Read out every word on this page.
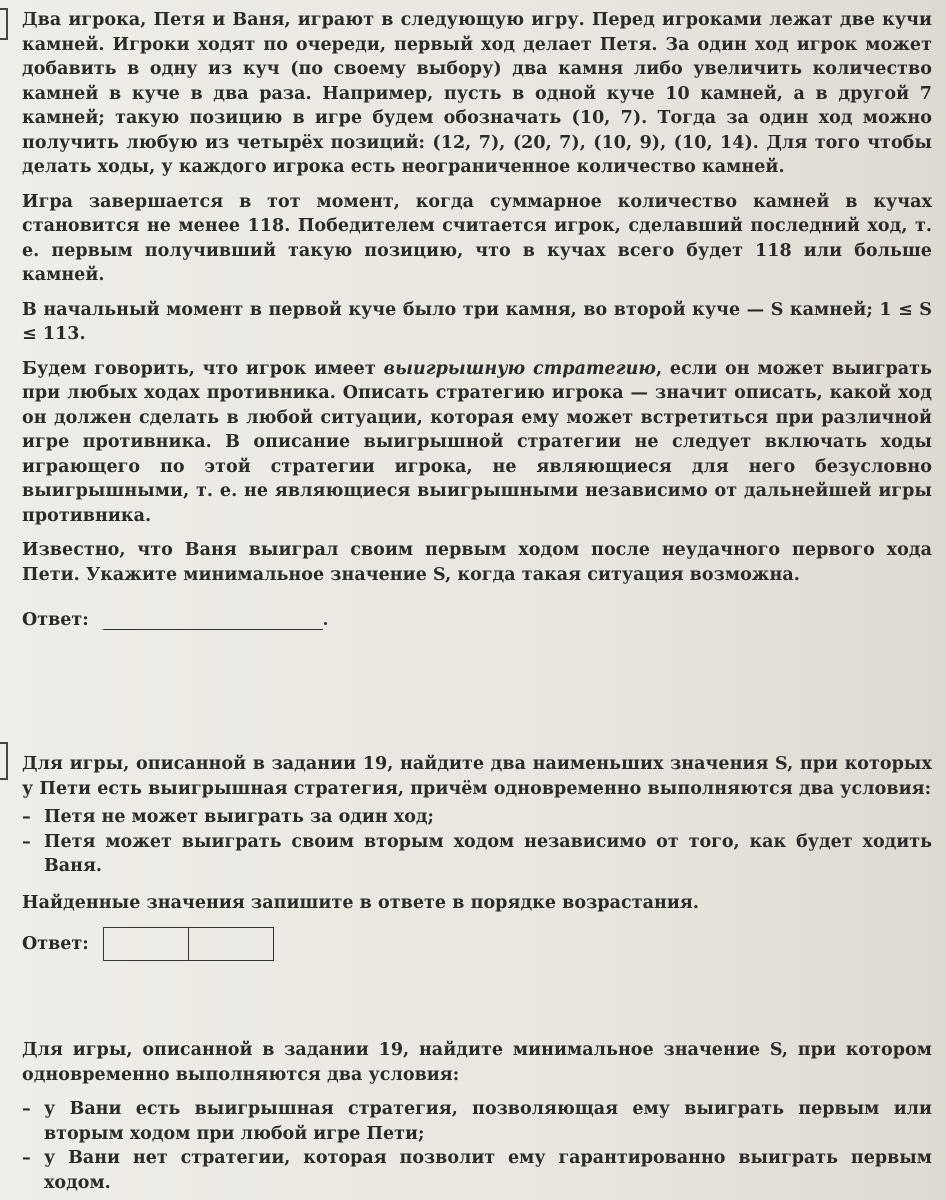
Два игрока, Петя и Ваня, играют в следующую игру. Перед игроками лежат две кучи камней. Игроки ходят по очереди, первый ход делает Петя. За один ход игрок может добавить в одну из куч (по своему выбору) два камня либо увеличить количество камней в куче в два раза. Например, пусть в одной куче 10 камней, а в другой 7 камней; такую позицию в игре будем обозначать (10, 7). Тогда за один ход можно получить любую из четырёх позиций: (12, 7), (20, 7), (10, 9), (10, 14). Для того чтобы делать ходы, у каждого игрока есть неограниченное количество камней.

Игра завершается в тот момент, когда суммарное количество камней в кучах становится не менее 118. Победителем считается игрок, сделавший последний ход, т. е. первым получивший такую позицию, что в кучах всего будет 118 или больше камней.

В начальный момент в первой куче было три камня, во второй куче — S камней; 1 ≤ S ≤ 113.

Будем говорить, что игрок имеет выигрышную стратегию, если он может выиграть при любых ходах противника. Описать стратегию игрока — значит описать, какой ход он должен сделать в любой ситуации, которая ему может встретиться при различной игре противника. В описание выигрышной стратегии не следует включать ходы играющего по этой стратегии игрока, не являющиеся для него безусловно выигрышными, т. е. не являющиеся выигрышными независимо от дальнейшей игры противника.

Известно, что Ваня выиграл своим первым ходом после неудачного первого хода Пети. Укажите минимальное значение S, когда такая ситуация возможна.

Ответ:	.

Для игры, описанной в задании 19, найдите два наименьших значения S, при которых у Пети есть выигрышная стратегия, причём одновременно выполняются два условия:

– Петя не может выиграть за один ход;
– Петя может выиграть своим вторым ходом независимо от того, как будет ходить Ваня.

Найденные значения запишите в ответе в порядке возрастания.

Ответ:

Для игры, описанной в задании 19, найдите минимальное значение S, при котором одновременно выполняются два условия:

– у Вани есть выигрышная стратегия, позволяющая ему выиграть первым или вторым ходом при любой игре Пети;
– у Вани нет стратегии, которая позволит ему гарантированно выиграть первым ходом.
